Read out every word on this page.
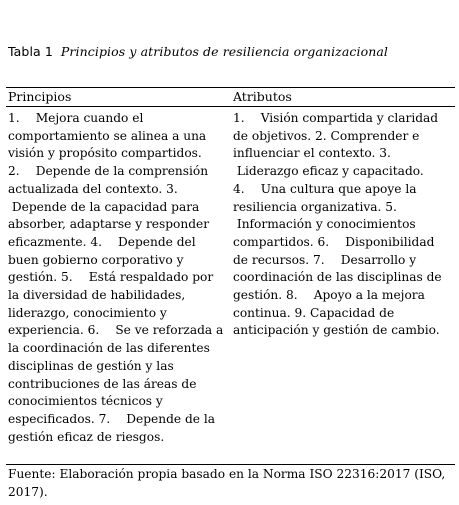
Tabla 1 Principios y atributos de resiliencia organizacional
Principios	Atributos
1.  Mejora cuando el comportamiento se alinea a una visión y propósito compartidos. 2.  Depende de la comprensión actualizada del contexto. 3.  Depende de la capacidad para absorber, adaptarse y responder eficazmente. 4.  Depende del buen gobierno corporativo y gestión. 5.  Está respaldado por la diversidad de habilidades, liderazgo, conocimiento y experiencia. 6.  Se ve reforzada a la coordinación de las diferentes disciplinas de gestión y las contribuciones de las áreas de conocimientos técnicos y especificados. 7.  Depende de la gestión eficaz de riesgos.
1.  Visión compartida y claridad de objetivos. 2. Comprender e influenciar el contexto. 3.  Liderazgo eficaz y capacitado. 4.  Una cultura que apoye la resiliencia organizativa. 5.  Información y conocimientos compartidos. 6.  Disponibilidad de recursos. 7.  Desarrollo y coordinación de las disciplinas de gestión. 8.  Apoyo a la mejora continua. 9. Capacidad de anticipación y gestión de cambio.
Fuente: Elaboración propia basado en la Norma ISO 22316:2017 (ISO, 2017).
